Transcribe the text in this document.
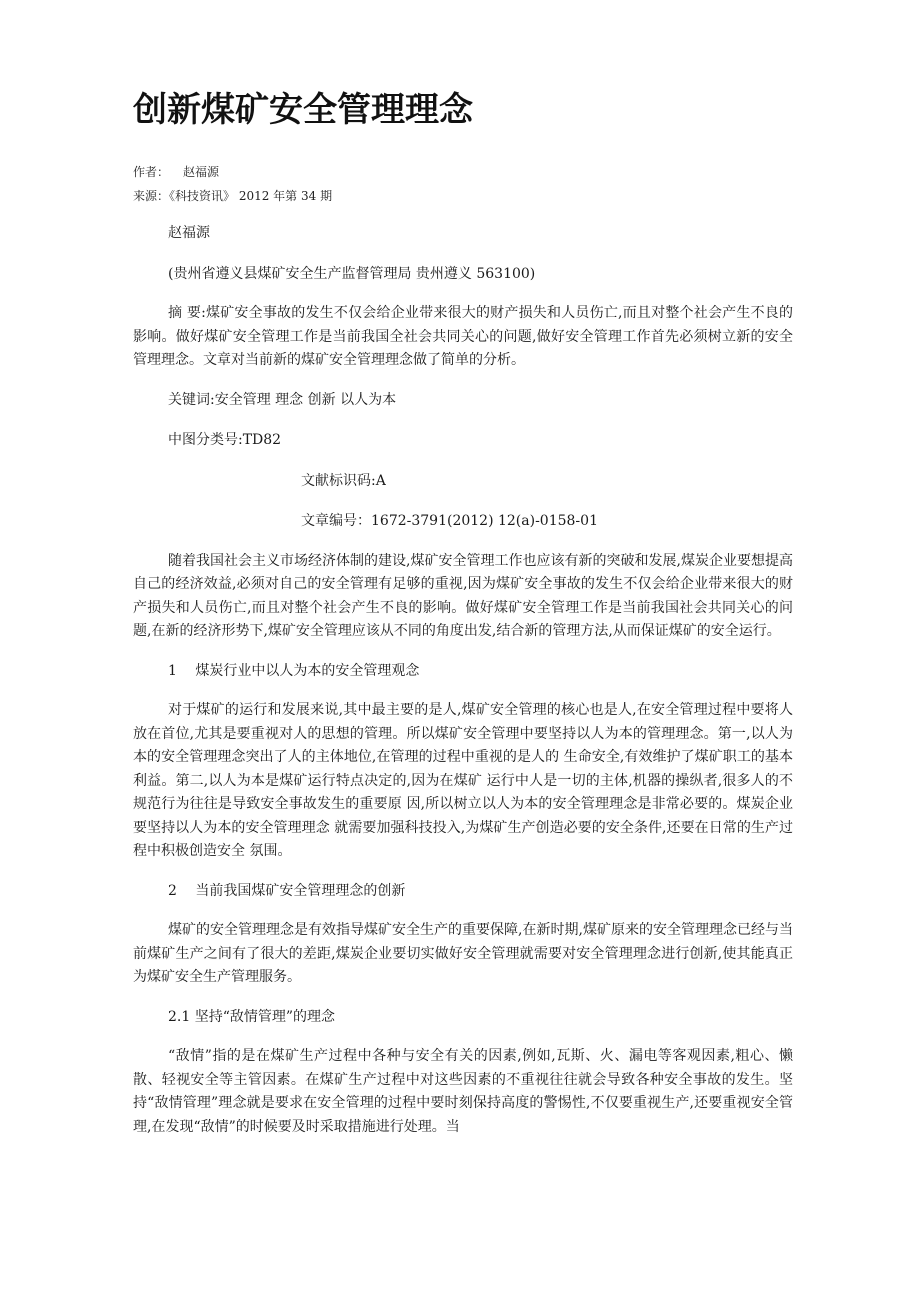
创新煤矿安全管理理念
作者： 赵福源
来源：《科技资讯》 2012 年第 34 期

赵福源

(贵州省遵义县煤矿安全生产监督管理局 贵州遵义 563100)

摘 要:煤矿安全事故的发生不仅会给企业带来很大的财产损失和人员伤亡,而且对整个社会产生不良的影响。做好煤矿安全管理工作是当前我国全社会共同关心的问题,做好安全管理工作首先必须树立新的安全管理理念。文章对当前新的煤矿安全管理理念做了简单的分析。

关键词:安全管理 理念 创新 以人为本

中图分类号:TD82

文献标识码:A

文章编号：1672-3791(2012) 12(a)-0158-01

随着我国社会主义市场经济体制的建设,煤矿安全管理工作也应该有新的突破和发展,煤炭企业要想提高自己的经济效益,必须对自己的安全管理有足够的重视,因为煤矿安全事故的发生不仅会给企业带来很大的财产损失和人员伤亡,而且对整个社会产生不良的影响。做好煤矿安全管理工作是当前我国社会共同关心的问题,在新的经济形势下,煤矿安全管理应该从不同的角度出发,结合新的管理方法,从而保证煤矿的安全运行。

1　 煤炭行业中以人为本的安全管理观念

对于煤矿的运行和发展来说,其中最主要的是人,煤矿安全管理的核心也是人,在安全管理过程中要将人放在首位,尤其是要重视对人的思想的管理。所以煤矿安全管理中要坚持以人为本的管理理念。第一,以人为本的安全管理理念突出了人的主体地位,在管理的过程中重视的是人的 生命安全,有效维护了煤矿职工的基本利益。第二,以人为本是煤矿运行特点决定的,因为在煤矿 运行中人是一切的主体,机器的操纵者,很多人的不规范行为往往是导致安全事故发生的重要原 因,所以树立以人为本的安全管理理念是非常必要的。煤炭企业要坚持以人为本的安全管理理念 就需要加强科技投入,为煤矿生产创造必要的安全条件,还要在日常的生产过程中积极创造安全 氛围。

2　 当前我国煤矿安全管理理念的创新

煤矿的安全管理理念是有效指导煤矿安全生产的重要保障,在新时期,煤矿原来的安全管理理念已经与当前煤矿生产之间有了很大的差距,煤炭企业要切实做好安全管理就需要对安全管理理念进行创新,使其能真正为煤矿安全生产管理服务。

2.1 坚持“敌情管理”的理念

“敌情”指的是在煤矿生产过程中各种与安全有关的因素,例如,瓦斯、火、漏电等客观因素,粗心、懒散、轻视安全等主管因素。在煤矿生产过程中对这些因素的不重视往往就会导致各种安全事故的发生。坚持“敌情管理”理念就是要求在安全管理的过程中要时刻保持高度的警惕性,不仅要重视生产,还要重视安全管理,在发现“敌情”的时候要及时采取措施进行处理。当
